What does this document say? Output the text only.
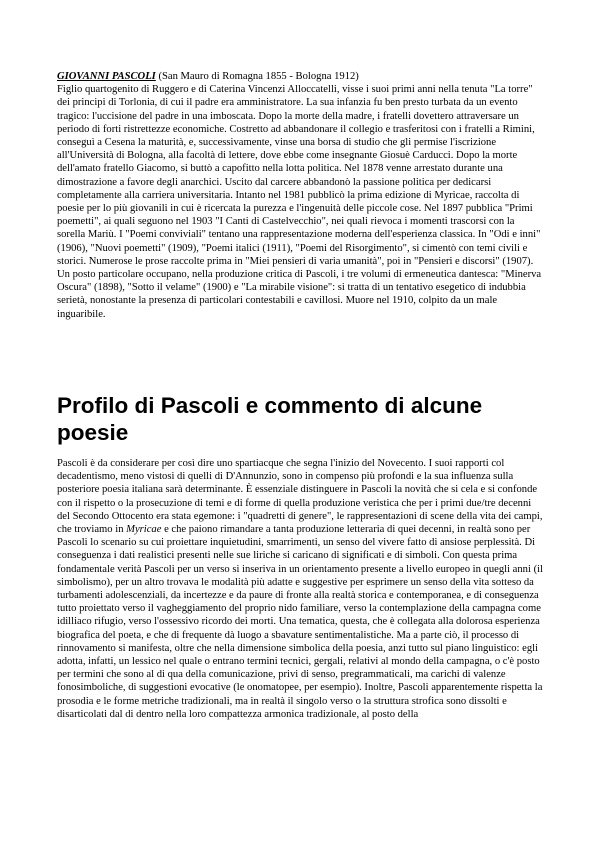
GIOVANNI PASCOLI (San Mauro di Romagna 1855 - Bologna 1912)
Figlio quartogenito di Ruggero e di Caterina Vincenzi Alloccatelli, visse i suoi primi anni nella tenuta "La torre" dei principi di Torlonia, di cui il padre era amministratore. La sua infanzia fu ben presto turbata da un evento tragico: l'uccisione del padre in una imboscata. Dopo la morte della madre, i fratelli dovettero attraversare un periodo di forti ristrettezze economiche. Costretto ad abbandonare il collegio e trasferitosi con i fratelli a Rimini, conseguì a Cesena la maturità, e, successivamente, vinse una borsa di studio che gli permise l'iscrizione all'Università di Bologna, alla facoltà di lettere, dove ebbe come insegnante Giosuè Carducci. Dopo la morte dell'amato fratello Giacomo, si buttò a capofitto nella lotta politica. Nel 1878 venne arrestato durante una dimostrazione a favore degli anarchici. Uscito dal carcere abbandonò la passione politica per dedicarsi completamente alla carriera universitaria. Intanto nel 1981 pubblicò la prima edizione di Myricae, raccolta di poesie per lo più giovanili in cui è ricercata la purezza e l'ingenuità delle piccole cose. Nel 1897 pubblica "Primi poemetti", ai quali seguono nel 1903 "I Canti di Castelvecchio", nei quali rievoca i momenti trascorsi con la sorella Mariù. I "Poemi conviviali" tentano una rappresentazione moderna dell'esperienza classica. In "Odi e inni" (1906), "Nuovi poemetti" (1909), "Poemi italici (1911), "Poemi del Risorgimento", si cimentò con temi civili e storici. Numerose le prose raccolte prima in "Miei pensieri di varia umanità", poi in "Pensieri e discorsi" (1907). Un posto particolare occupano, nella produzione critica di Pascoli, i tre volumi di ermeneutica dantesca: "Minerva Oscura" (1898), "Sotto il velame" (1900) e "La mirabile visione": si tratta di un tentativo esegetico di indubbia serietà, nonostante la presenza di particolari contestabili e cavillosi. Muore nel 1910, colpito da un male inguaribile.

Profilo di Pascoli e commento di alcune poesie

Pascoli è da considerare per così dire uno spartiacque che segna l'inizio del Novecento. I suoi rapporti col decadentismo, meno vistosi di quelli di D'Annunzio, sono in compenso più profondi e la sua influenza sulla posteriore poesia italiana sarà determinante. È essenziale distinguere in Pascoli la novità che si cela e si confonde con il rispetto o la prosecuzione di temi e di forme di quella produzione veristica che per i primi due/tre decenni del Secondo Ottocento era stata egemone: i "quadretti di genere", le rappresentazioni di scene della vita dei campi, che troviamo in Myricae e che paiono rimandare a tanta produzione letteraria di quei decenni, in realtà sono per Pascoli lo scenario su cui proiettare inquietudini, smarrimenti, un senso del vivere fatto di ansiose perplessità. Di conseguenza i dati realistici presenti nelle sue liriche si caricano di significati e di simboli. Con questa prima fondamentale verità Pascoli per un verso si inseriva in un orientamento presente a livello europeo in quegli anni (il simbolismo), per un altro trovava le modalità più adatte e suggestive per esprimere un senso della vita sotteso da turbamenti adolescenziali, da incertezze e da paure di fronte alla realtà storica e contemporanea, e di conseguenza tutto proiettato verso il vagheggiamento del proprio nido familiare, verso la contemplazione della campagna come idilliaco rifugio, verso l'ossessivo ricordo dei morti. Una tematica, questa, che è collegata alla dolorosa esperienza biografica del poeta, e che di frequente dà luogo a sbavature sentimentalistiche. Ma a parte ciò, il processo di rinnovamento si manifesta, oltre che nella dimensione simbolica della poesia, anzi tutto sul piano linguistico: egli adotta, infatti, un lessico nel quale o entrano termini tecnici, gergali, relativi al mondo della campagna, o c'è posto per termini che sono al di qua della comunicazione, privi di senso, pregrammaticali, ma carichi di valenze fonosimboliche, di suggestioni evocative (le onomatopee, per esempio). Inoltre, Pascoli apparentemente rispetta la prosodia e le forme metriche tradizionali, ma in realtà il singolo verso o la struttura strofica sono dissolti e disarticolati dal di dentro nella loro compattezza armonica tradizionale, al posto della
